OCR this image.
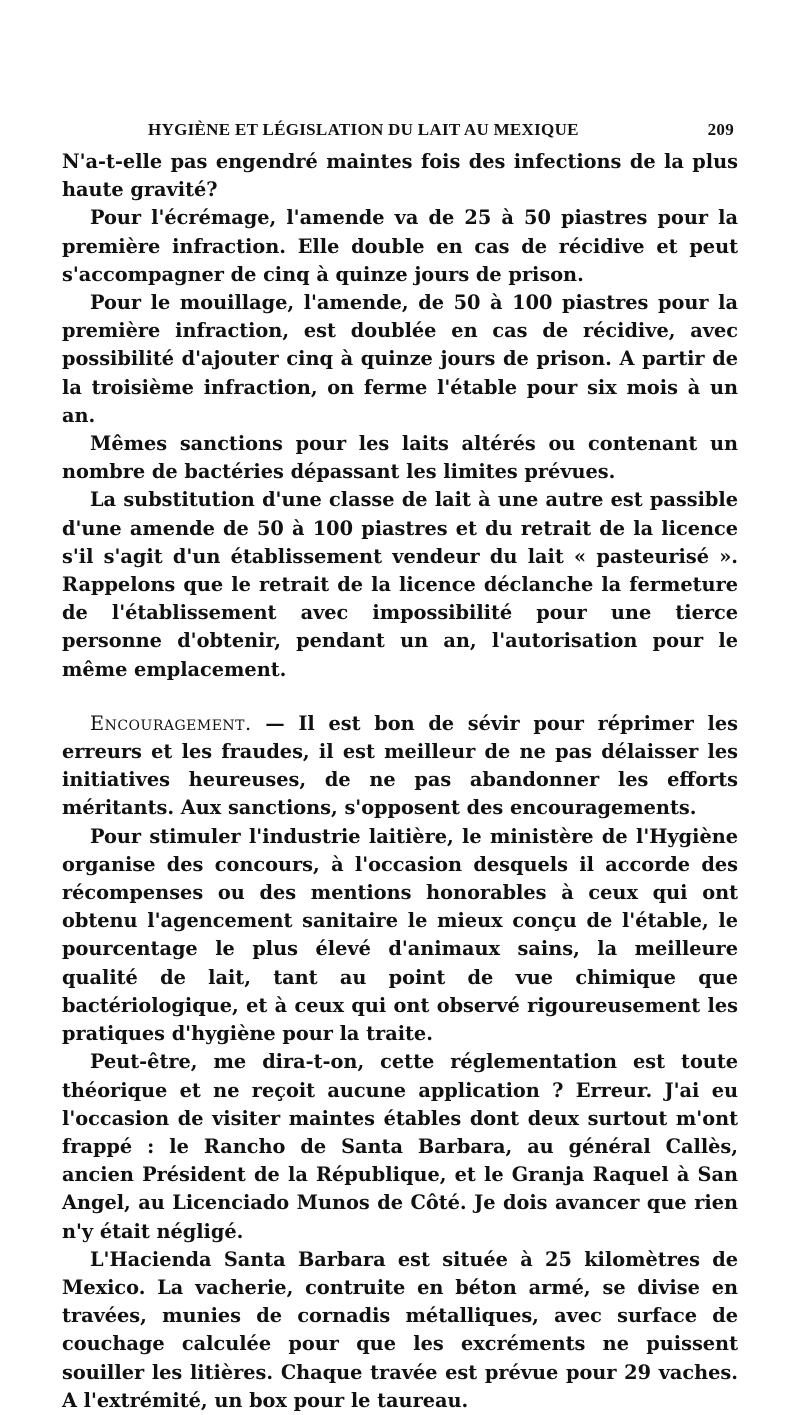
HYGIÈNE ET LÉGISLATION DU LAIT AU MEXIQUE	209

N'a-t-elle pas engendré maintes fois des infections de la plus haute gravité?

Pour l'écrémage, l'amende va de 25 à 50 piastres pour la première infraction. Elle double en cas de récidive et peut s'accompagner de cinq à quinze jours de prison.

Pour le mouillage, l'amende, de 50 à 100 piastres pour la première infraction, est doublée en cas de récidive, avec possibilité d'ajouter cinq à quinze jours de prison. A partir de la troisième infraction, on ferme l'étable pour six mois à un an.

Mêmes sanctions pour les laits altérés ou contenant un nombre de bactéries dépassant les limites prévues.

La substitution d'une classe de lait à une autre est passible d'une amende de 50 à 100 piastres et du retrait de la licence s'il s'agit d'un établissement vendeur du lait « pasteurisé ». Rappelons que le retrait de la licence déclanche la fermeture de l'établissement avec impossibilité pour une tierce personne d'obtenir, pendant un an, l'autorisation pour le même emplacement.

Encouragement. — Il est bon de sévir pour réprimer les erreurs et les fraudes, il est meilleur de ne pas délaisser les initiatives heureuses, de ne pas abandonner les efforts méritants. Aux sanctions, s'opposent des encouragements.

Pour stimuler l'industrie laitière, le ministère de l'Hygiène organise des concours, à l'occasion desquels il accorde des récompenses ou des mentions honorables à ceux qui ont obtenu l'agencement sanitaire le mieux conçu de l'étable, le pourcentage le plus élevé d'animaux sains, la meilleure qualité de lait, tant au point de vue chimique que bactériologique, et à ceux qui ont observé rigoureusement les pratiques d'hygiène pour la traite.

Peut-être, me dira-t-on, cette réglementation est toute théorique et ne reçoit aucune application ? Erreur. J'ai eu l'occasion de visiter maintes étables dont deux surtout m'ont frappé : le Rancho de Santa Barbara, au général Callès, ancien Président de la République, et le Granja Raquel à San Angel, au Licenciado Munos de Côté. Je dois avancer que rien n'y était négligé.

L'Hacienda Santa Barbara est située à 25 kilomètres de Mexico. La vacherie, contruite en béton armé, se divise en travées, munies de cornadis métalliques, avec surface de couchage calculée pour que les excréments ne puissent souiller les litières. Chaque travée est prévue pour 29 vaches. A l'extrémité, un box pour le taureau.
